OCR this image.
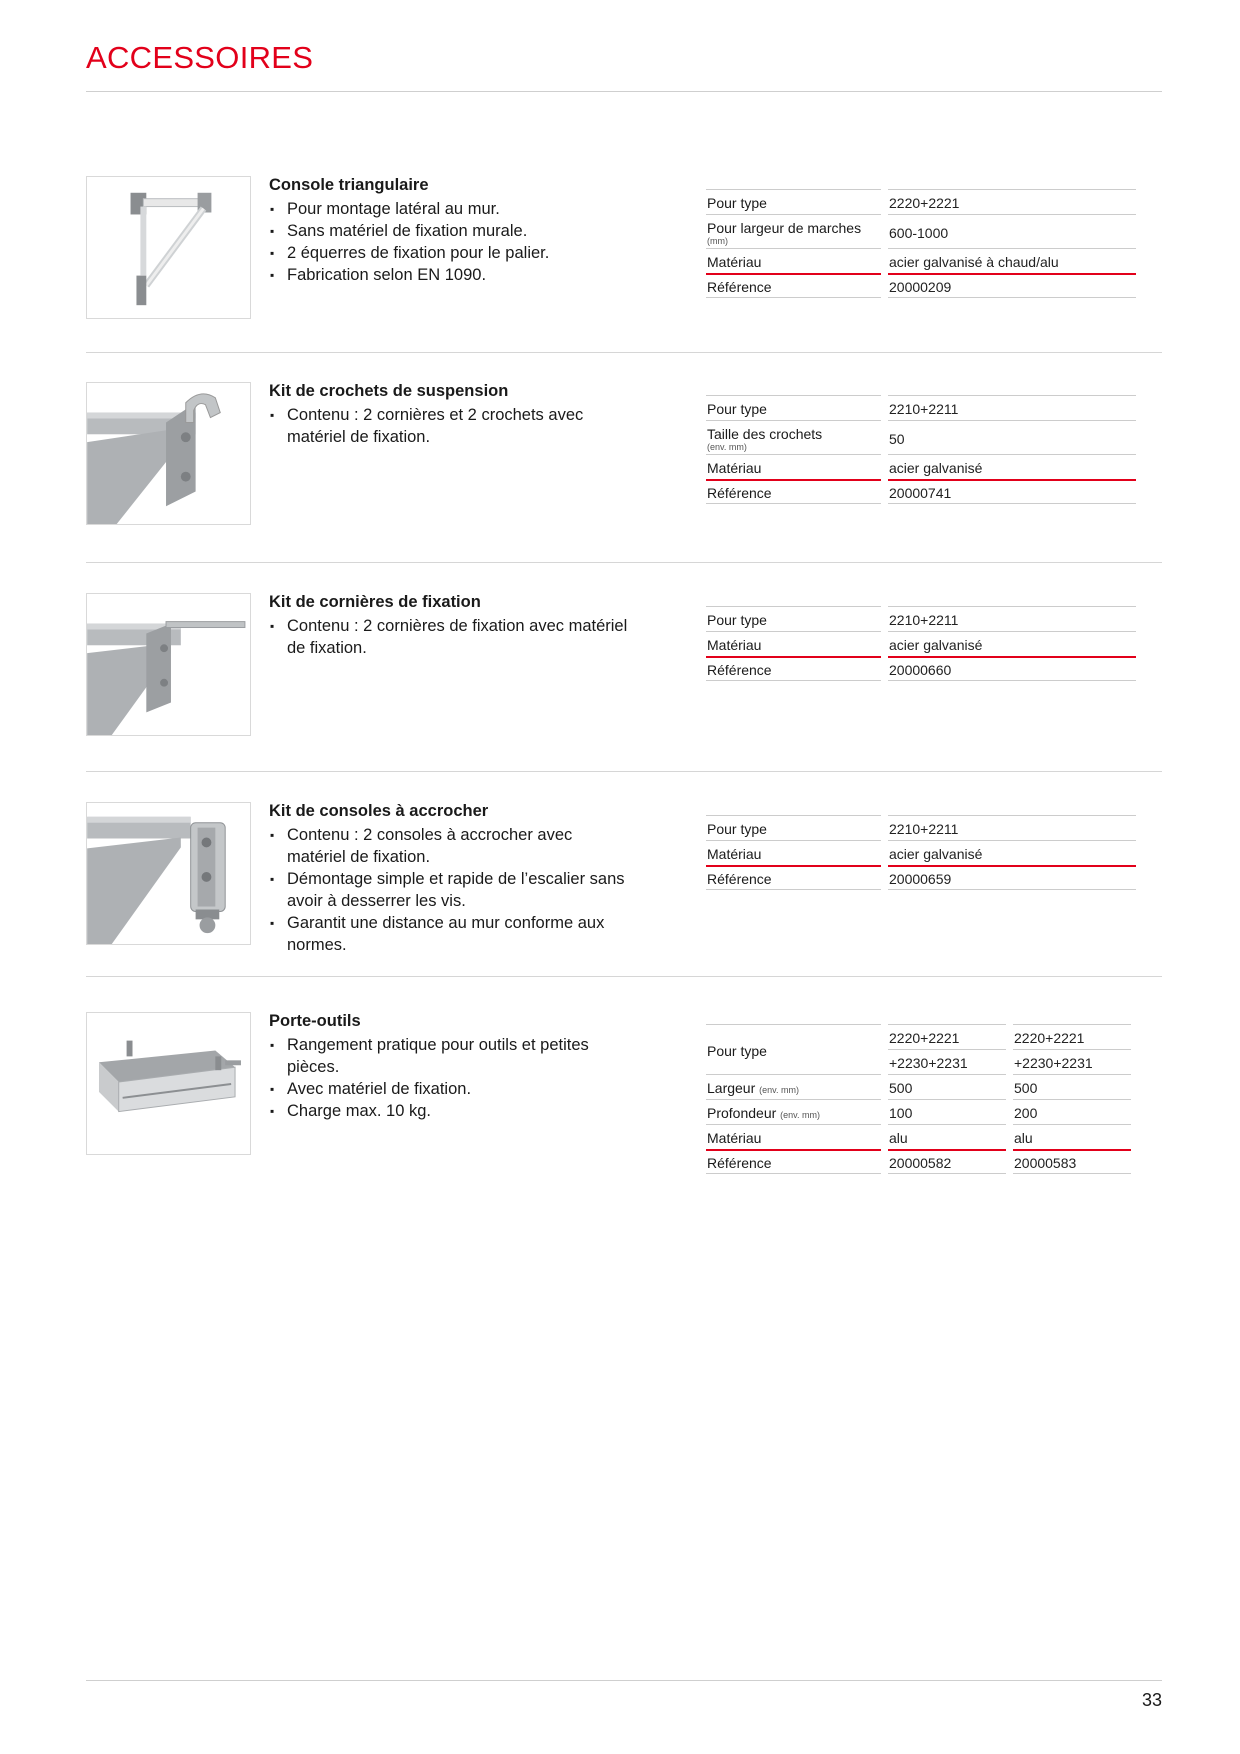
ACCESSOIRES
Console triangulaire
▪ Pour montage latéral au mur.
▪ Sans matériel de fixation murale.
▪ 2 équerres de fixation pour le palier.
▪ Fabrication selon EN 1090.
Pour type		2220+2221
Pour largeur de marches
(mm)		600-1000
Matériau		acier galvanisé à chaud/alu
Référence		20000209
Kit de crochets de suspension
▪ Contenu : 2 cornières et 2 crochets avec matériel de fixation.
Pour type		2210+2211
Taille des crochets
(env. mm)		50
Matériau		acier galvanisé
Référence		20000741
Kit de cornières de fixation
▪ Contenu : 2 cornières de fixation avec matériel de fixation.
Pour type		2210+2211
Matériau		acier galvanisé
Référence		20000660
Kit de consoles à accrocher
▪ Contenu : 2 consoles à accrocher avec matériel de fixation.
▪ Démontage simple et rapide de l’escalier sans avoir à desserrer les vis.
▪ Garantit une distance au mur conforme aux normes.
Pour type		2210+2211
Matériau		acier galvanisé
Référence		20000659
Porte-outils
▪ Rangement pratique pour outils et petites pièces.
▪ Avec matériel de fixation.
▪ Charge max. 10 kg.
Pour type		2220+2221		2220+2221
		+2230+2231		+2230+2231
Largeur (env. mm)		500		500
Profondeur (env. mm)		100		200
Matériau		alu		alu
Référence		20000582		20000583
33
